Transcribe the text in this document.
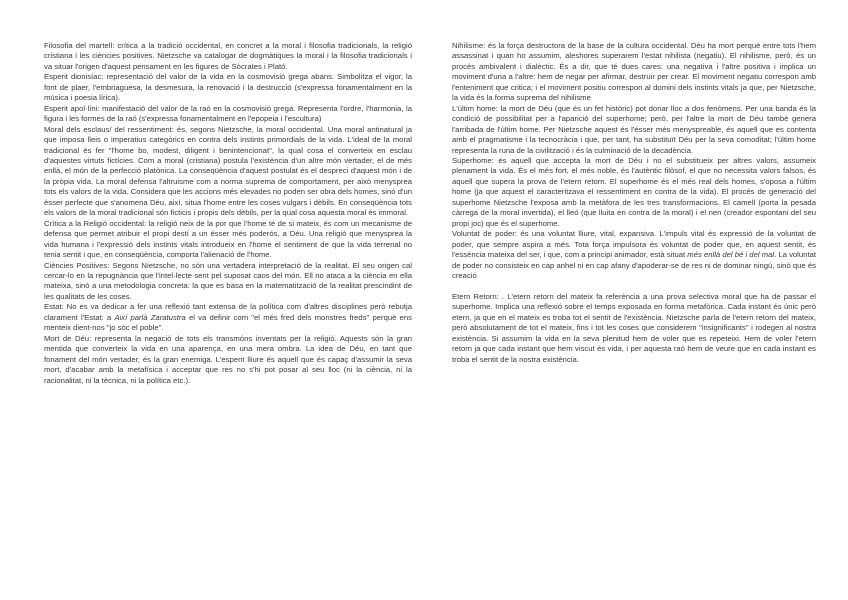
Filosofia del martell: crítica a la tradició occidental, en concret a la moral i filosofia tradicionals, la religió cristiana i les ciències positives. Nietzsche va catalogar de dogmàtiques la moral i la filosofia tradicionals i va situar l'origen d'aquest pensament en les figures de Sòcrates i Plató.

Esperit dionisíac: representació del valor de la vida en la cosmovisió grega abans. Simbolitza el vigor, la font de plaer, l'embriaguesa, la desmesura, la renovació i la destrucció (s'expressa fonamentalment en la música i poesia lírica).

Esperit apol·líni: manifestació del valor de la raó en la cosmovisió grega. Representa l'ordre, l'harmonia, la figura i les formes de la raó (s'expressa fonamentalment en l'epopeia i l'escultura)

Moral dels esclaus/ del ressentiment: és, segons Nietzsche, la moral occidental. Una moral antinatural ja que imposa lleis o imperatius categòrics en contra dels instints primordials de la vida. L'ideal de la moral tradicional és fer "l'home bo, modest, diligent i benintencionat", la qual cosa el converteix en esclau d'aquestes virtuts fictícies. Com a moral (cristiana) postula l'existència d'un altre món vertader, el de més enllà, el món de la perfecció platònica. La conseqüència d'aquest postulat és el despreci d'aquest món i de la pròpia vida. La moral defensa l'altruisme com a norma suprema de comportament, per això menyspreа tots els valors de la vida. Considera que les accions més elevades no poden ser obra dels homes, sinó d'un ésser perfecte que s'anomena Déu, així, situa l'home entre les coses vulgars i dèbils. En conseqüència tots els valors de la moral tradicional són ficticis i propis dels dèbils, per la qual cosa aquesta moral és immoral.

Crítica a la Religió occidental: la religió neix de la por que l'home té de si mateix, és com un mecanisme de defensa que permet atribuir el propi destí a un ésser més poderós, a Déu. Una religió que menyspreа la vida humana i l'expressió dels instints vitals introdueix en l'home el sentiment de que la vida terrenal no tenia sentit i que, en conseqüència, comporta l'alienació de l'home.

Ciències Positives: Segons Nietzsche, no són una vertadera interpretació de la realitat. El seu origen cal cercar-lo en la repugnància que l'intel·lecte sent pel suposat caos del món. Ell no ataca a la ciència en ella mateixa, sinó a una metodologia concreta: la que es basa en la matematització de la realitat prescindint de les qualitats de les coses.

Estat: No es va dedicar a fer una reflexió tant extensa de la política com d'altres disciplines però rebutja clarament l'Estat: a Així parlà Zaratustra el va definir com "el més fred dels monstres freds" perquè ens menteix dient-nos "jo sóc el poble".

Mort de Déu: representa la negació de tots els transmóns inventats per la religió. Aquests són la gran mentida que converteix la vida en una aparença, en una mera ombra. La idea de Déu, en tant que fonament del món vertader, és la gran enemiga. L'esperit lliure és aquell que és capaç d'assumir la seva mort, d'acabar amb la metafísica i acceptar que res no s'hi pot posar al seu lloc (ni la ciència, ni la racionalitat, ni la tècnica, ni la política etc.).

Nihilisme: és la força destructora de la base de la cultura occidental. Déu ha mort perquè entre tots l'hem assassinat i quan ho assumim, aleshores superarem l'estat nihilista (negatiu). El nihilisme, però, és un procés ambivalent i dialèctic. És a dir, que té dues cares: una negativa i l'altre positiva i implica un moviment d'una a l'altre: hem de negar per afirmar, destruir per crear. El moviment negatiu correspon amb l'enteniment que critica; i el moviment positiu correspon al domini dels instints vitals ja que, per Nietzsche, la vida és la forma suprema del nihilisme

L'últim home: la mort de Déu (que és un fet històric) pot donar lloc a dos fenòmens. Per una banda és la condició de possibilitat per a l'aparició del superhome; però, per l'altre la mort de Déu també genera l'arribada de l'últim home. Per Nietzsche aquest és l'ésser més menyspreable, és aquell que es contenta amb el pragmatisme i la tecnocràcia i que, per tant, ha substituït Déu per la seva comoditat; l'últim home representa la runa de la civilització i és la culminació de la decadència.

Superhome: és aquell que accepta la mort de Déu i no el substitueix per altres valors, assumeix plenament la vida. És el més fort, el més noble, és l'autèntic filòsof, el que no necessita valors falsos, és aquell que supera la prova de l'etern retorn. El superhome és el més real dels homes, s'oposa a l'últim home (ja que aquest el caracteritzava el ressentiment en contra de la vida). El procés de generació del superhome Nietzsche l'exposa amb la metàfora de les tres transformacions. El camell (porta la pesada càrrega de la moral invertida), el lleó (que lluita en contra de la moral) i el nen (creador espontani del seu propi joc) que és el superhome.

Voluntat de poder: és una voluntat lliure, vital, expansiva. L'impuls vital és expressió de la voluntat de poder, que sempre aspira a més. Tota força impulsora és voluntat de poder que, en aquest sentit, és l'essència mateixa del ser, i que, com a principi animador, està situat més enllà del bé i del mal. La voluntat de poder no consisteix en cap anhel ni en cap afany d'apoderar-se de res ni de dominar ningú, sinó que és creació

Etern Retorn: . L'etern retorn del mateix fa referència a una prova selectiva moral que ha de passar el superhome. Implica una reflexió sobre el temps exposada en forma metafòrica. Cada instant és únic però etern, ja que en el mateix es troba tot el sentit de l'existència. Nietzsche parla de l'etern retorn del mateix, però absolutament de tot el mateix, fins i tot les coses que considerem "insignificants" i rodegen al nostra existència. Si assumim la vida en la seva plenitud hem de voler que es repeteixi. Hem de voler l'etern retorn ja que cada instant que hem viscut és vida, i per aquesta raó hem de veure que en cada instant es troba el sentit de la nostra existència.
